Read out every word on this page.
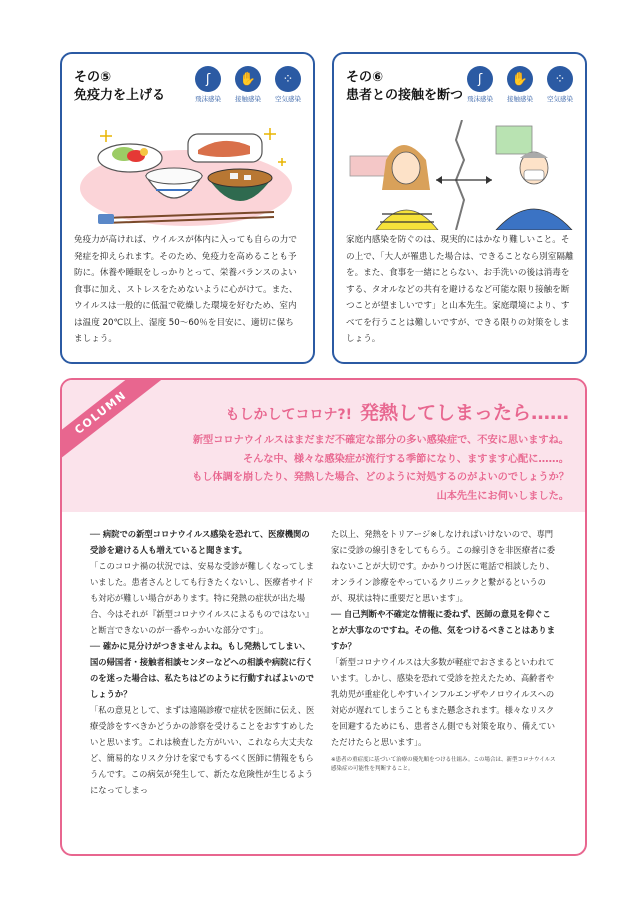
その⑤
免疫力を上げる
ʃ
飛沫感染
✋
接触感染
⁘
空気感染
免疫力が高ければ、ウイルスが体内に入っても自らの力で発症を抑えられます。そのため、免疫力を高めることも予防に。休養や睡眠をしっかりとって、栄養バランスのよい食事に加え、ストレスをためないように心がけて。また、ウイルスは一般的に低温で乾燥した環境を好むため、室内は温度 20℃以上、湿度 50〜60％を目安に、適切に保ちましょう。
その⑥
患者との接触を断つ
ʃ
飛沫感染
✋
接触感染
⁘
空気感染
家庭内感染を防ぐのは、現実的にはかなり難しいこと。その上で、「大人が罹患した場合は、できることなら別室隔離を。また、食事を一緒にとらない、お手洗いの後は消毒をする、タオルなどの共有を避けるなど可能な限り接触を断つことが望ましいです」と山本先生。家庭環境により、すべてを行うことは難しいですが、できる限りの対策をしましょう。
COLUMN	もしかしてコロナ?! 発熱してしまったら……
新型コロナウイルスはまだまだ不確定な部分の多い感染症で、不安に思いますね。
そんな中、様々な感染症が流行する季節になり、ますます心配に……。
もし体調を崩したり、発熱した場合、どのように対処するのがよいのでしょうか？
山本先生にお伺いしました。

── 病院での新型コロナウイルス感染を恐れて、医療機関の受診を避ける人も増えていると聞きます。

「このコロナ禍の状況では、安易な受診が難しくなってしまいました。患者さんとしても行きたくないし、医療者サイドも対応が難しい場合があります。特に発熱の症状が出た場合、今はそれが『新型コロナウイルスによるものではない』と断言できないのが一番やっかいな部分です」。

── 確かに見分けがつきませんよね。もし発熱してしまい、国の帰国者・接触者相談センターなどへの相談や病院に行くのを迷った場合は、私たちはどのように行動すればよいのでしょうか？

「私の意見として、まずは遠隔診療で症状を医師に伝え、医療受診をすべきかどうかの診察を受けることをおすすめしたいと思います。これは検査した方がいい、これなら大丈夫など、簡易的なリスク分けを家でもするべく医師に情報をもらうんです。この病気が発生して、新たな危険性が生じるようになってしまっ

た以上、発熱をトリアージ※しなければいけないので、専門家に受診の線引きをしてもらう。この線引きを非医療者に委ねないことが大切です。かかりつけ医に電話で相談したり、オンライン診療をやっているクリニックと繋がるというのが、現状は特に重要だと思います」。

── 自己判断や不確定な情報に委ねず、医師の意見を仰ぐことが大事なのですね。その他、気をつけるべきことはありますか？

「新型コロナウイルスは大多数が軽症でおさまるといわれています。しかし、感染を恐れて受診を控えたため、高齢者や乳幼児が重症化しやすいインフルエンザやノロウイルスへの対応が遅れてしまうこともまた懸念されます。様々なリスクを回避するためにも、患者さん側でも対策を取り、備えていただけたらと思います」。

※患者の重症度に基づいて治療の優先順をつける仕組み。この場合は、新型コロナウイルス感染症の可能性を判断すること。
